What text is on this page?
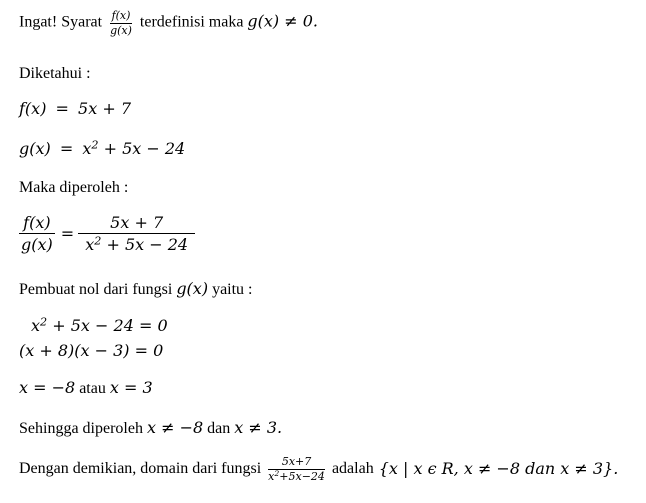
Ingat! Syarat $\frac{f(x)}{g(x)}$ terdefinisi maka g(x) ≠ 0.
Diketahui :
f(x) = 5x + 7
$g(x) = x^2 + 5x - 24$
Maka diperoleh :
$\frac{f(x)}{g(x)} = \frac{5x + 7}{x^2 + 5x - 24}$
Pembuat nol dari fungsi g(x) yaitu :
$x^2 + 5x - 24 = 0$
(x + 8)(x − 3) = 0
x = −8 atau x = 3
Sehingga diperoleh x ≠ −8 dan x ≠ 3.
Dengan demikian, domain dari fungsi $\frac{5x+7}{x^2+5x-24}$ adalah {x | x ϵ R, x ≠ −8 dan x ≠ 3}.
